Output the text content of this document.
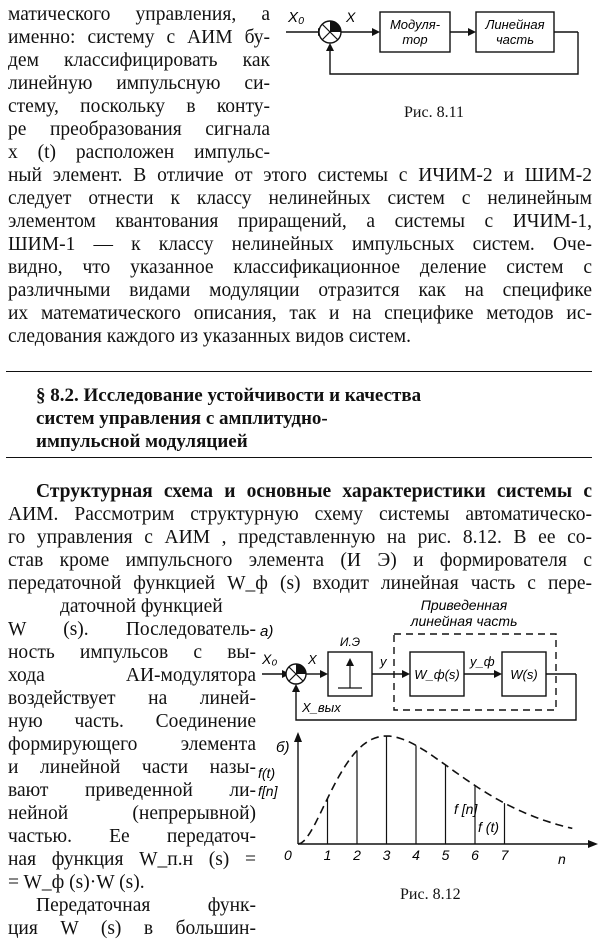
матического управления, а
именно: систему с АИМ бу-
дем классифицировать как
линейную импульсную си-
стему, поскольку в конту-
ре преобразования сигнала
x (t) расположен импульс-
X₀	X	Модуля-
тор
Линейная
часть
Рис. 8.11
ный элемент. В отличие от этого системы с ИЧИМ-2 и ШИМ-2
следует отнести к классу нелинейных систем с нелинейным
элементом квантования приращений, а системы с ИЧИМ-1,
ШИМ-1 — к классу нелинейных импульсных систем. Оче-
видно, что указанное классификационное деление систем с
различными видами модуляции отразится как на специфике
их математического описания, так и на специфике методов ис-
следования каждого из указанных видов систем.
§ 8.2. Исследование устойчивости и качества
систем управления с амплитудно-
импульсной модуляцией
Структурная схема и основные характеристики системы с
АИМ. Рассмотрим структурную схему системы автоматическо-
го управления с АИМ , представленную на рис. 8.12. В ее со-
став кроме импульсного элемента (И Э) и формирователя с
передаточной функцией W_ф (s) входит линейная часть с пере-
даточной функцией
W (s). Последователь-
ность импульсов с вы-
хода АИ-модулятора
воздействует на линей-
ную часть. Соединение
формирующего элемента
и линейной части назы-
вают приведенной ли-
нейной (непрерывной)
частью. Ее передаточ-
ная функция W_п.н (s) =
= W_ф (s)·W (s).
Передаточная функ-
ция W (s) в большин-
Приведенная
линейная часть
а)
X₀ X
И.Э
y
W_ф(s)
y_ф
W(s)
X_вых
б)
f(t)
f[n]
0	n
1 2 3 4 5 6 7
f [n]
f (t)
Рис. 8.12
